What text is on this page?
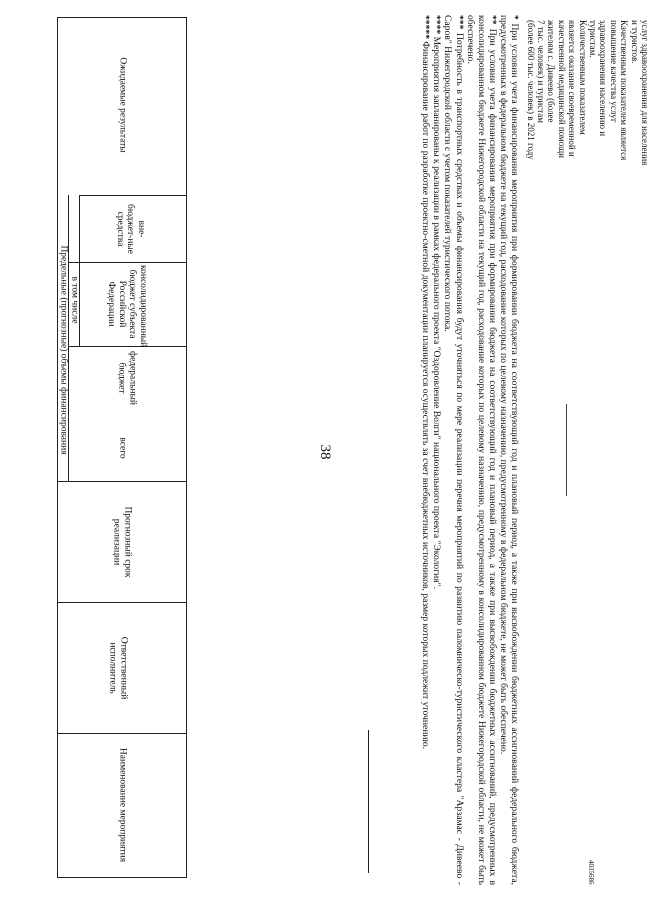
38
Ожидаемые результаты
вне-бюджет-ные средства
консолидированный бюджет субъекта Российской Федерации
федеральный бюджет
в том числе
Предельные (прогнозные) объемы финансирования	всего
Прогнозный срок реализации
Ответственный исполнитель
Наименование мероприятия
услуг здравоохранения для населения
и туристов.
Качественным показателем является
повышение качества услуг
здравоохранения населению и
туристам.
Количественным показателем
является оказание своевременной и
качественной медицинской помощи
жителям с. Дивеево (более
7 тыс. человек) и туристам
(более 600 тыс. человек) в 2021 году

* При условии учета финансирования мероприятия при формировании бюджета на соответствующий год и плановый период, а также при высвобождении бюджетных ассигнований федерального бюджета, предусмотренных в федеральном бюджете на текущий год, расходование которых по целевому назначению, предусмотренному в федеральном бюджете, не может быть обеспечено.

** При условии учета финансирования мероприятия при формировании бюджета на соответствующий год и плановый период, а также при высвобождении бюджетных ассигнований, предусмотренных в консолидированном бюджете Нижегородской области на текущий год, расходование которых по целевому назначению, предусмотренному в консолидированном бюджете Нижегородской области, не может быть обеспечено.

*** Потребность в транспортных средствах и объемы финансирования будут уточняться по мере реализации перечня мероприятий по развитию паломническо-туристического кластера "Арзамас - Дивеево - Саров" Нижегородской области с учетом показателей туристического потока.

**** Мероприятия запланированы к реализации в рамках федерального проекта "Оздоровление Волги" национального проекта "Экология".

***** Финансирование работ по разработке проектно-сметной документации планируется осуществлять за счет внебюджетных источников, размер которых подлежит уточнению.

4035686
